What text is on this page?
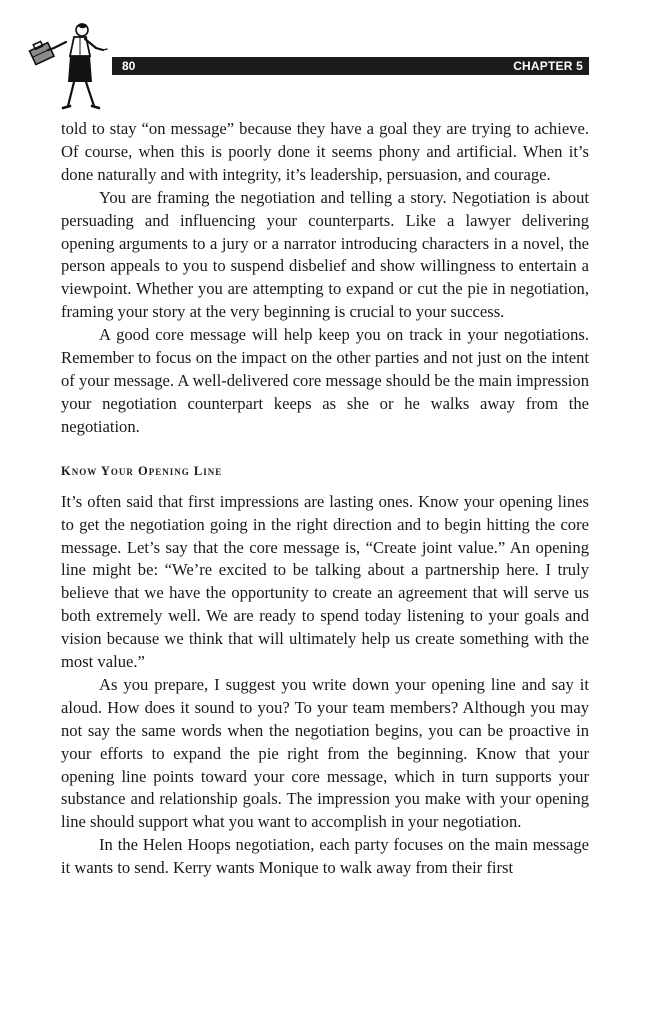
80	CHAPTER 5

told to stay “on message” because they have a goal they are trying to achieve. Of course, when this is poorly done it seems phony and artificial. When it’s done naturally and with integrity, it’s leadership, persuasion, and courage.

You are framing the negotiation and telling a story. Negotiation is about persuading and influencing your counterparts. Like a lawyer delivering opening arguments to a jury or a narrator introducing characters in a novel, the person appeals to you to suspend disbelief and show willingness to entertain a viewpoint. Whether you are attempting to expand or cut the pie in negotiation, framing your story at the very beginning is crucial to your success.

A good core message will help keep you on track in your negotiations. Remember to focus on the impact on the other parties and not just on the intent of your message. A well-delivered core message should be the main impression your negotiation counterpart keeps as she or he walks away from the negotiation.

Know Your Opening Line

It’s often said that first impressions are lasting ones. Know your opening lines to get the negotiation going in the right direction and to begin hitting the core message. Let’s say that the core message is, “Create joint value.” An opening line might be: “We’re excited to be talking about a partnership here. I truly believe that we have the opportunity to create an agreement that will serve us both extremely well. We are ready to spend today listening to your goals and vision because we think that will ultimately help us create something with the most value.”

As you prepare, I suggest you write down your opening line and say it aloud. How does it sound to you? To your team members? Although you may not say the same words when the negotiation begins, you can be proactive in your efforts to expand the pie right from the beginning. Know that your opening line points toward your core message, which in turn supports your substance and relationship goals. The impression you make with your opening line should support what you want to accomplish in your negotiation.

In the Helen Hoops negotiation, each party focuses on the main message it wants to send. Kerry wants Monique to walk away from their first
